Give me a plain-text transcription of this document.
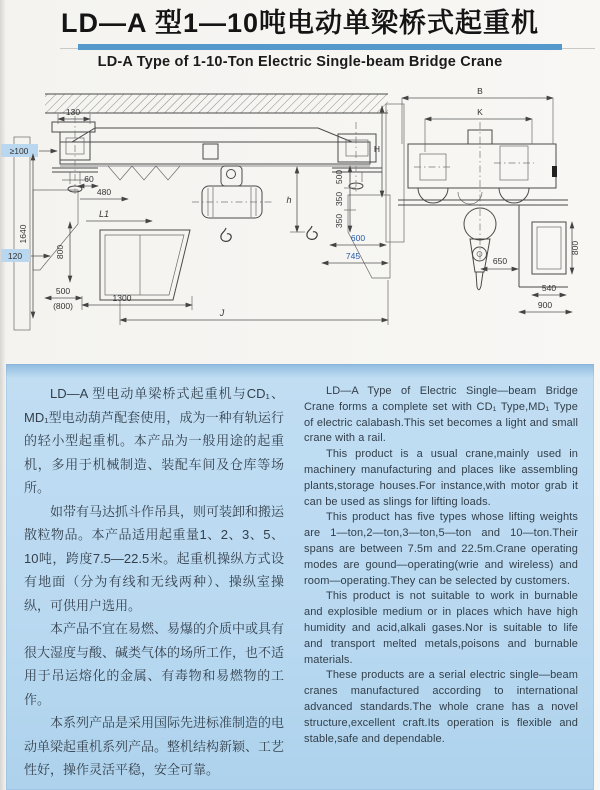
LD—A 型1—10吨电动单梁桥式起重机
LD-A Type of 1-10-Ton Electric Single-beam Bridge Crane
130
≥100
60
480
L1
1640
120	800
500
(800)
1300
500
350
350
600
745
h
J
B
K
H
650
800
540
900

LD—A 型电动单梁桥式起重机与CD₁、MD₁型电动葫芦配套使用，成为一种有轨运行的轻小型起重机。本产品为一般用途的起重机，多用于机械制造、装配车间及仓库等场所。

如带有马达抓斗作吊具，则可装卸和搬运散粒物品。本产品适用起重量1、2、3、5、10吨，跨度7.5—22.5米。起重机操纵方式设有地面（分为有线和无线两种）、操纵室操纵，可供用户选用。

本产品不宜在易燃、易爆的介质中或具有很大湿度与酸、碱类气体的场所工作，也不适用于吊运熔化的金属、有毒物和易燃物的工作。

本系列产品是采用国际先进标准制造的电动单梁起重机系列产品。整机结构新颖、工艺性好，操作灵活平稳，安全可靠。

LD—A Type of Electric Single—beam Bridge Crane forms a complete set with CD₁ Type,MD₁ Type of electric calabash.This set becomes a light and small crane with a rail.

This product is a usual crane,mainly used in machinery manufacturing and places like assembling plants,storage houses.For instance,with motor grab it can be used as slings for lifting loads.

This product has five types whose lifting weights are 1—ton,2—ton,3—ton,5—ton and 10—ton.Their spans are between 7.5m and 22.5m.Crane operating modes are gound—operating(wrie and wireless) and room—operating.They can be selected by customers.

This product is not suitable to work in burnable and explosible medium or in places which have high humidity and acid,alkali gases.Nor is suitable to life and transport melted metals,poisons and burnable materials.

These products are a serial electric single—beam cranes manufactured according to international advanced standards.The whole crane has a novel structure,excellent craft.Its operation is flexible and stable,safe and dependable.
